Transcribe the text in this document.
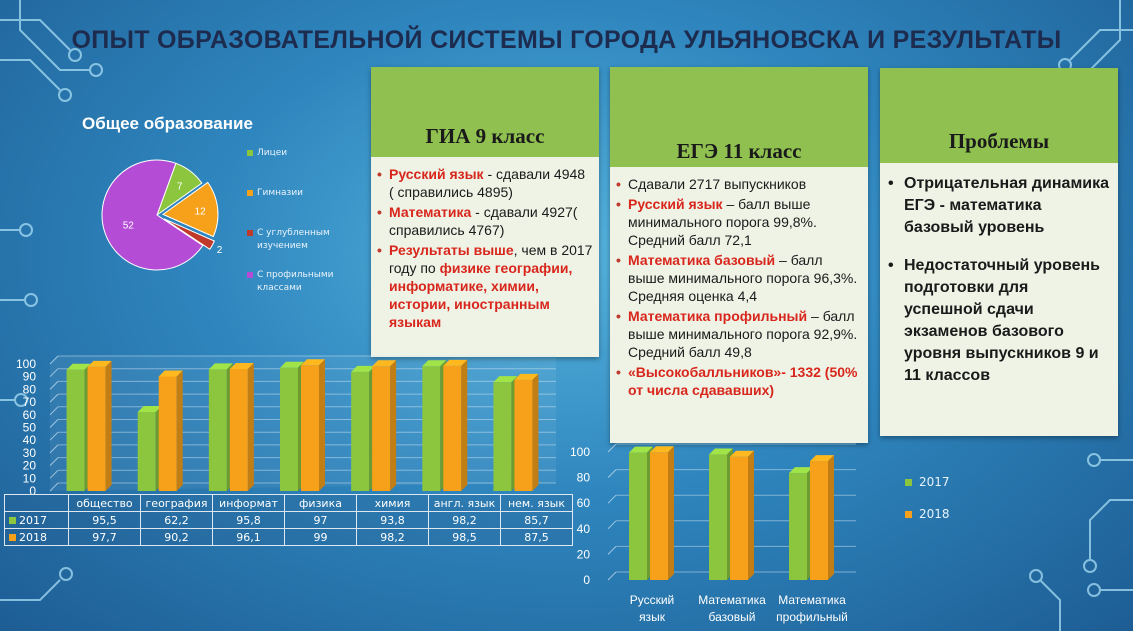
ОПЫТ ОБРАЗОВАТЕЛЬНОЙ СИСТЕМЫ ГОРОДА УЛЬЯНОВСКА И РЕЗУЛЬТАТЫ
Общее образование
7
12
2
52
Лицеи
Гимназии
С углубленным изучением
С профильными классами
ГИА 9 класс
• Русский язык - сдавали 4948 ( справились 4895)
• Математика - сдавали 4927( справились 4767)
• Результаты выше, чем в 2017 году по физике географии, информатике, химии, истории, иностранным языкам
ЕГЭ 11 класс
• Сдавали 2717 выпускников
• Русский язык – балл выше минимального порога 99,8%. Средний балл 72,1
• Математика базовый – балл выше минимального порога 96,3%. Средняя оценка 4,4
• Математика профильный – балл выше минимального порога 92,9%. Средний балл 49,8
• «Высокобалльников»- 1332 (50% от числа сдававших)
Проблемы
• Отрицательная динамика ЕГЭ - математика базовый уровень
• Недостаточный уровень подготовки для успешной сдачи экзаменов базового уровня выпускников 9 и 11 классов
0
10
20
30
40
50
60
70
80
90
100
	обществo	география	информат	физика	химия	англ. язык	нем. язык
2017	95,5	62,2	95,8	97	93,8	98,2	85,7
2018	97,7	90,2	96,1	99	98,2	98,5	87,5
0
20
40
60
80
100
Русский язык
Математика базовый
Математика профильный
2017
2018
